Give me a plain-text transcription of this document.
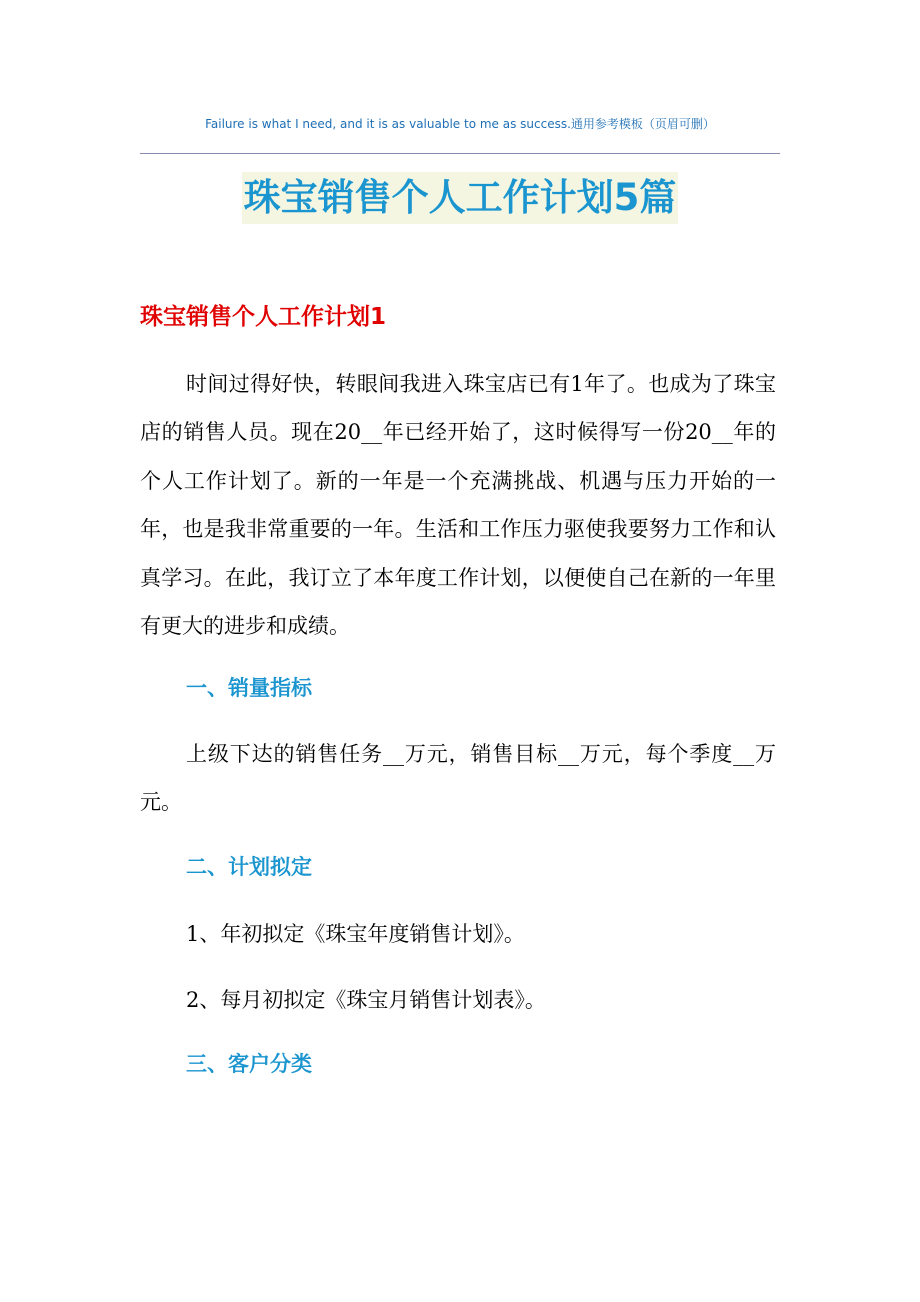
Failure is what I need, and it is as valuable to me as success.通用参考模板（页眉可删）
珠宝销售个人工作计划5篇
珠宝销售个人工作计划1

时间过得好快，转眼间我进入珠宝店已有1年了。也成为了珠宝店的销售人员。现在20__年已经开始了，这时候得写一份20__年的个人工作计划了。新的一年是一个充满挑战、机遇与压力开始的一年，也是我非常重要的一年。生活和工作压力驱使我要努力工作和认真学习。在此，我订立了本年度工作计划，以便使自己在新的一年里有更大的进步和成绩。

一、销量指标

上级下达的销售任务__万元，销售目标__万元，每个季度__万元。

二、计划拟定
1、年初拟定《珠宝年度销售计划》。
2、每月初拟定《珠宝月销售计划表》。
三、客户分类
